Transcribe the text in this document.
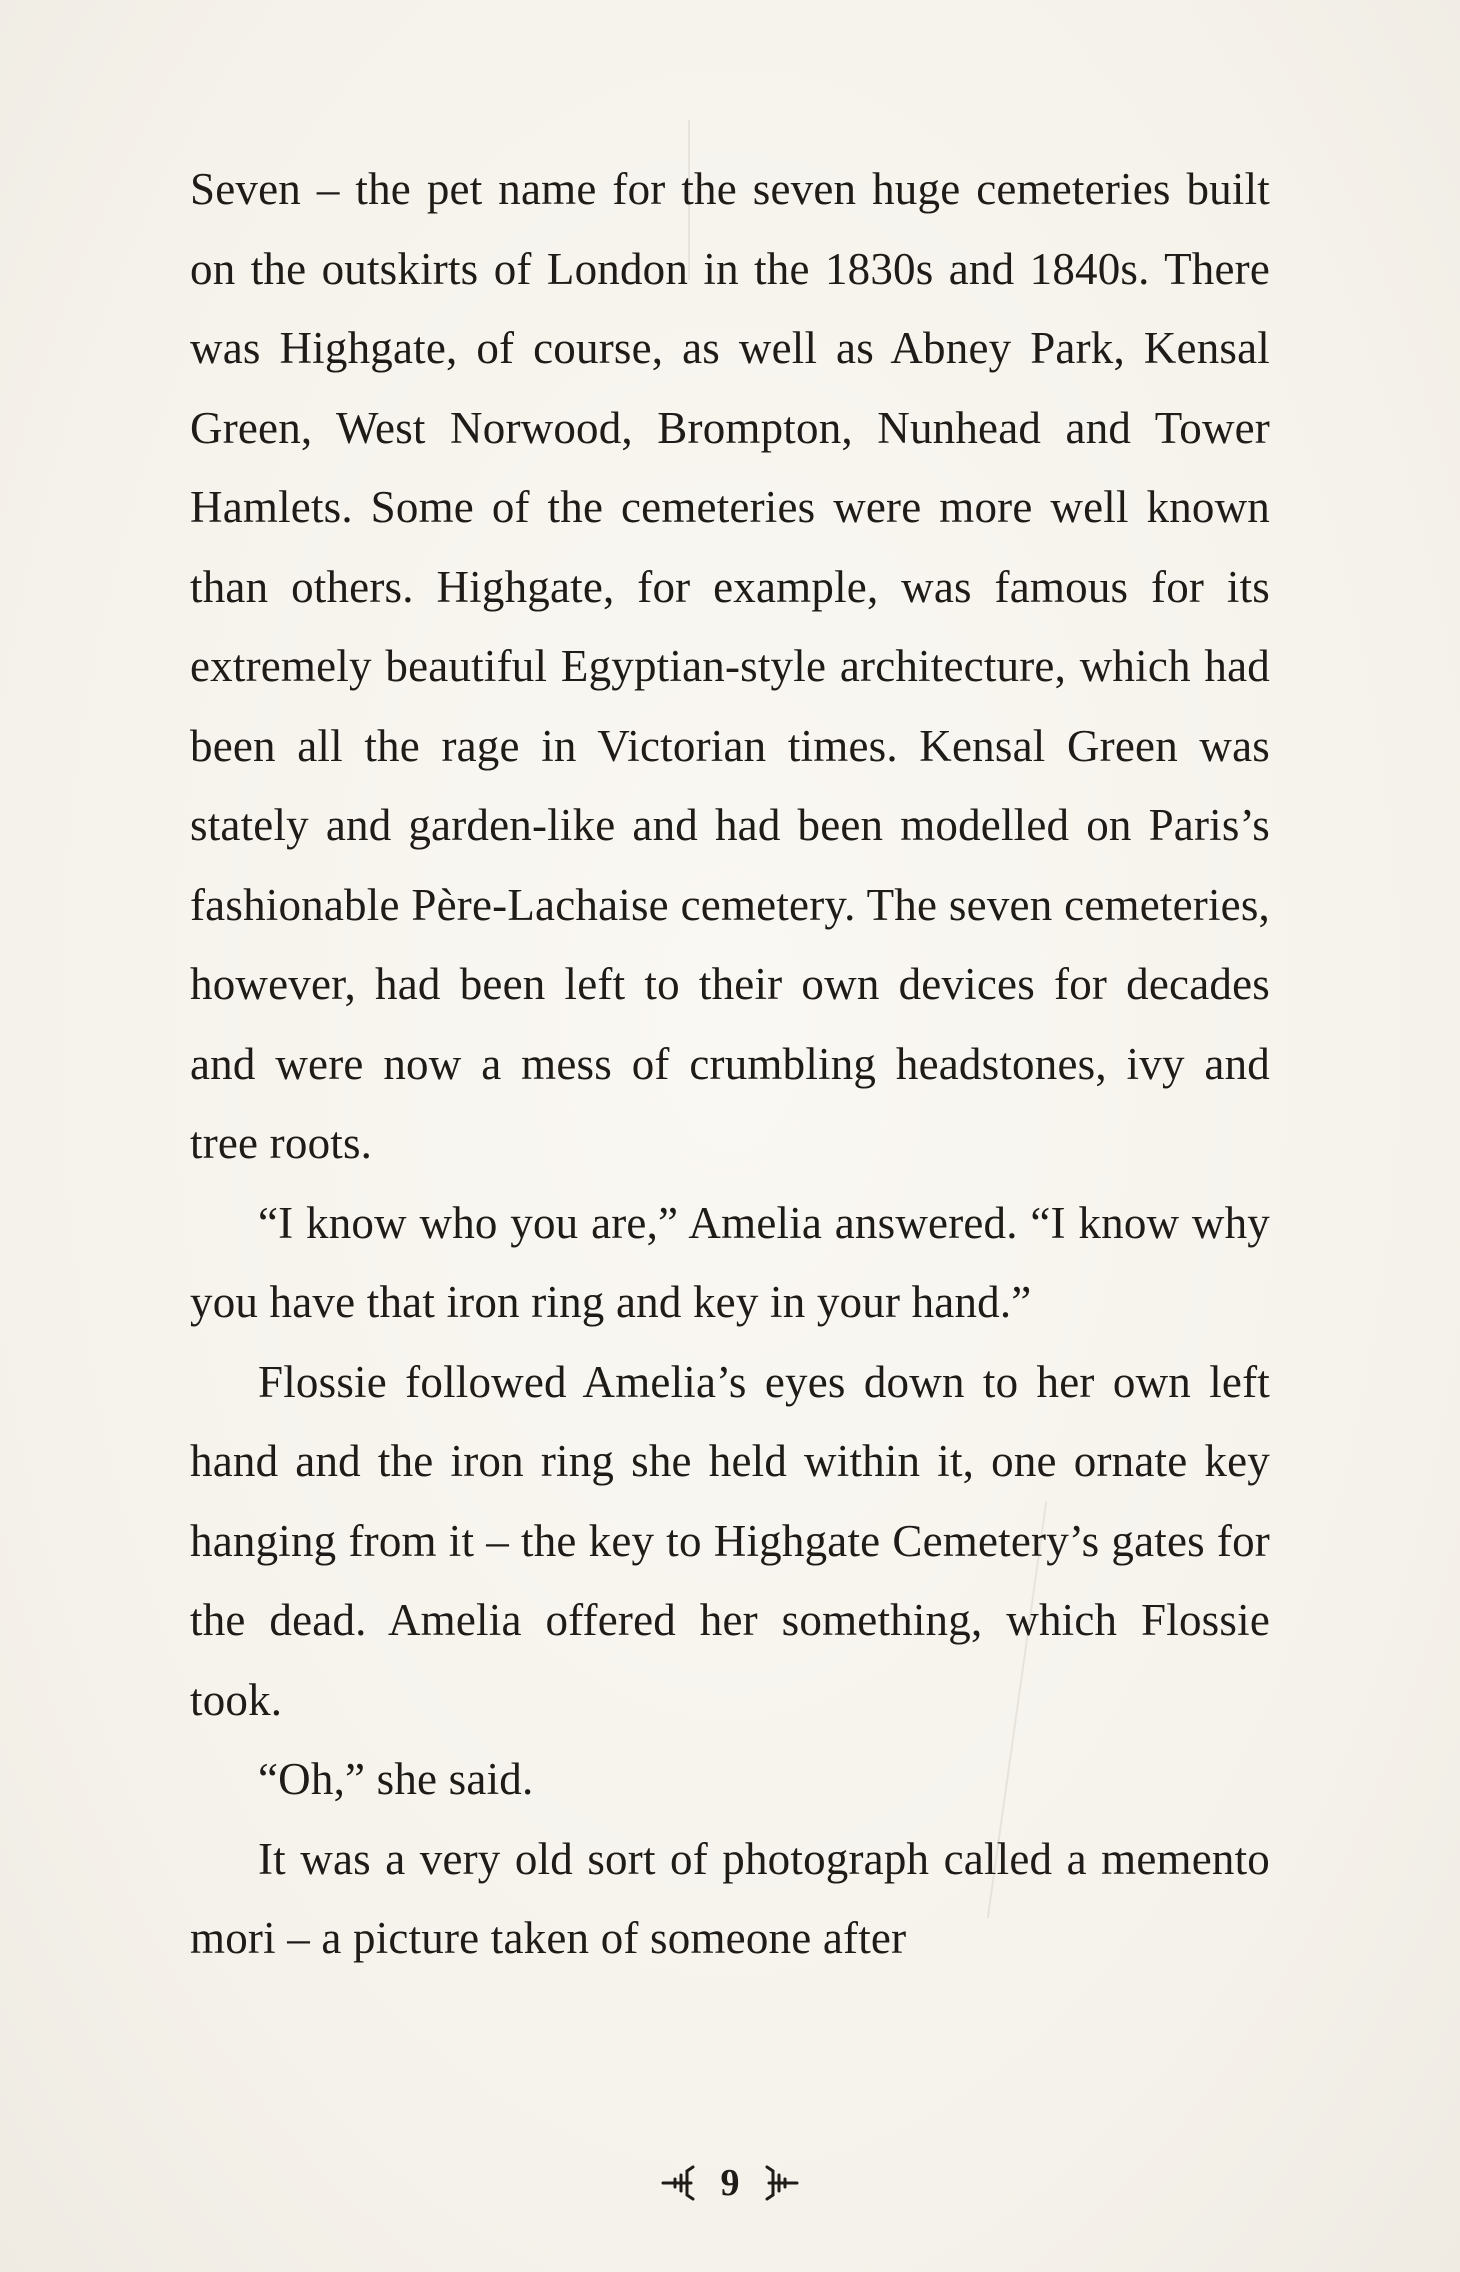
Seven – the pet name for the seven huge cemeteries built on the outskirts of London in the 1830s and 1840s. There was Highgate, of course, as well as Abney Park, Kensal Green, West Norwood, Brompton, Nunhead and Tower Hamlets. Some of the cemeteries were more well known than others. Highgate, for example, was famous for its extremely beautiful Egyptian-style architecture, which had been all the rage in Victorian times. Kensal Green was stately and garden-like and had been modelled on Paris’s fashionable Père-Lachaise cemetery. The seven cemeteries, however, had been left to their own devices for decades and were now a mess of crumbling headstones, ivy and tree roots.

“I know who you are,” Amelia answered. “I know why you have that iron ring and key in your hand.”

Flossie followed Amelia’s eyes down to her own left hand and the iron ring she held within it, one ornate key hanging from it – the key to Highgate Cemetery’s gates for the dead. Amelia offered her something, which Flossie took.

“Oh,” she said.

It was a very old sort of photograph called a memento mori – a picture taken of someone after

9
